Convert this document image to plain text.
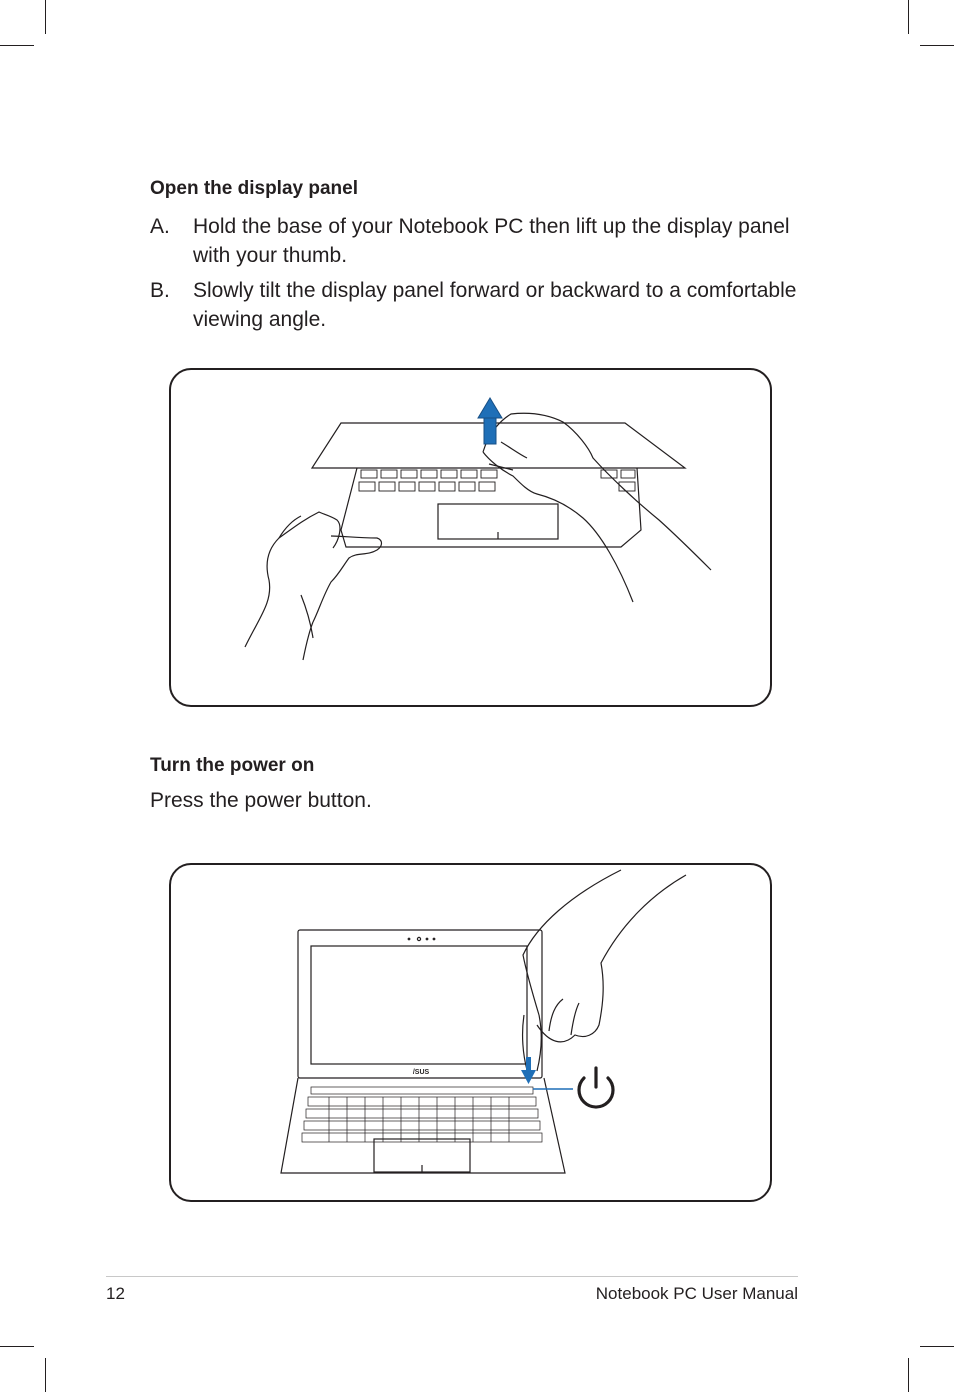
Open the display panel
A. Hold the base of your Notebook PC then lift up the display panel with your thumb.
B. Slowly tilt the display panel forward or backward to a comfortable viewing angle.
Turn the power on

Press the power button.

/SUS
12	Notebook PC User Manual
